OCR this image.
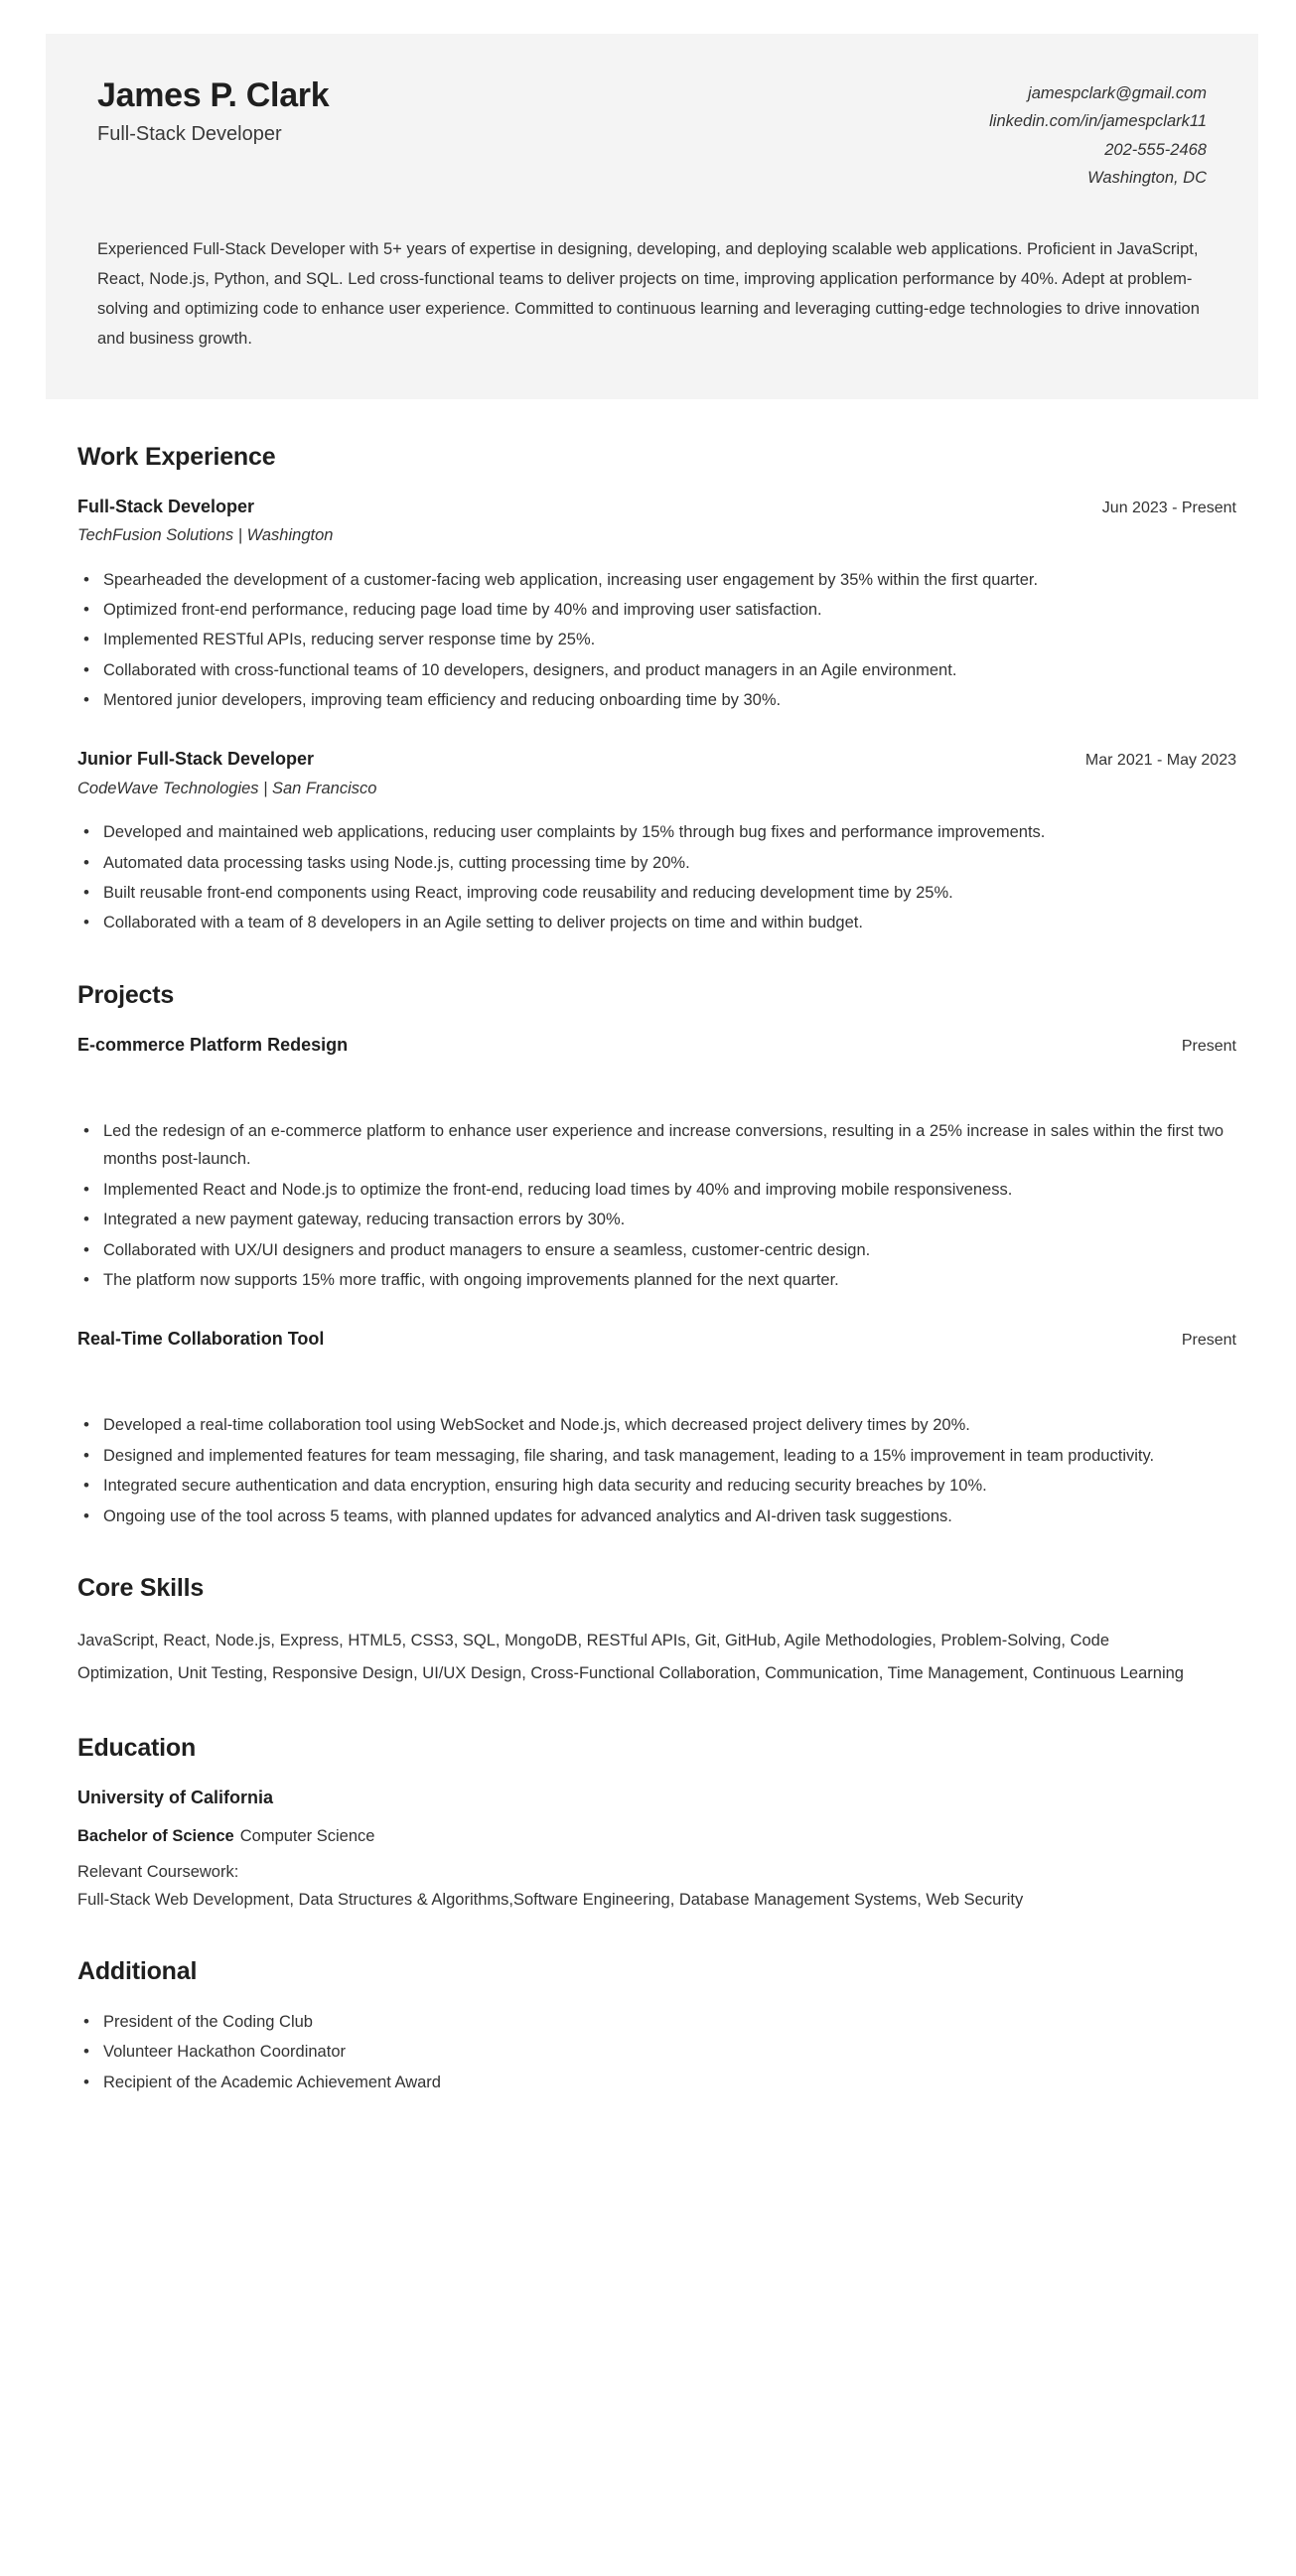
James P. Clark
Full-Stack Developer
jamespclark@gmail.com
linkedin.com/in/jamespclark11
202-555-2468
Washington, DC
Experienced Full-Stack Developer with 5+ years of expertise in designing, developing, and deploying scalable web applications. Proficient in JavaScript, React, Node.js, Python, and SQL. Led cross-functional teams to deliver projects on time, improving application performance by 40%. Adept at problem-solving and optimizing code to enhance user experience. Committed to continuous learning and leveraging cutting-edge technologies to drive innovation and business growth.
Work Experience
Full-Stack Developer	Jun 2023 - Present
TechFusion Solutions | Washington
• Spearheaded the development of a customer-facing web application, increasing user engagement by 35% within the first quarter.
• Optimized front-end performance, reducing page load time by 40% and improving user satisfaction.
• Implemented RESTful APIs, reducing server response time by 25%.
• Collaborated with cross-functional teams of 10 developers, designers, and product managers in an Agile environment.
• Mentored junior developers, improving team efficiency and reducing onboarding time by 30%.
Junior Full-Stack Developer	Mar 2021 - May 2023
CodeWave Technologies | San Francisco
• Developed and maintained web applications, reducing user complaints by 15% through bug fixes and performance improvements.
• Automated data processing tasks using Node.js, cutting processing time by 20%.
• Built reusable front-end components using React, improving code reusability and reducing development time by 25%.
• Collaborated with a team of 8 developers in an Agile setting to deliver projects on time and within budget.
Projects
E-commerce Platform Redesign	Present
• Led the redesign of an e-commerce platform to enhance user experience and increase conversions, resulting in a 25% increase in sales within the first two months post-launch.
• Implemented React and Node.js to optimize the front-end, reducing load times by 40% and improving mobile responsiveness.
• Integrated a new payment gateway, reducing transaction errors by 30%.
• Collaborated with UX/UI designers and product managers to ensure a seamless, customer-centric design.
• The platform now supports 15% more traffic, with ongoing improvements planned for the next quarter.
Real-Time Collaboration Tool	Present
• Developed a real-time collaboration tool using WebSocket and Node.js, which decreased project delivery times by 20%.
• Designed and implemented features for team messaging, file sharing, and task management, leading to a 15% improvement in team productivity.
• Integrated secure authentication and data encryption, ensuring high data security and reducing security breaches by 10%.
• Ongoing use of the tool across 5 teams, with planned updates for advanced analytics and AI-driven task suggestions.
Core Skills
JavaScript, React, Node.js, Express, HTML5, CSS3, SQL, MongoDB, RESTful APIs, Git, GitHub, Agile Methodologies, Problem-Solving, Code Optimization, Unit Testing, Responsive Design, UI/UX Design, Cross-Functional Collaboration, Communication, Time Management, Continuous Learning
Education
University of California
Bachelor of Science Computer Science
Relevant Coursework:
Full-Stack Web Development, Data Structures & Algorithms,Software Engineering, Database Management Systems, Web Security
Additional
• President of the Coding Club
• Volunteer Hackathon Coordinator
• Recipient of the Academic Achievement Award
